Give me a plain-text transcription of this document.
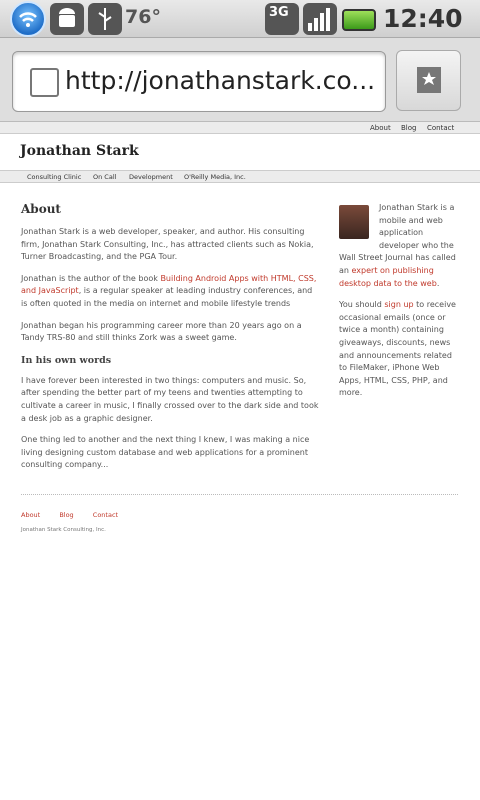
76°	3G	12:40
http://jonathanstark.co...
About Blog Contact
Jonathan Stark
Consulting Clinic On Call Development O'Reilly Media, Inc.
About

Jonathan Stark is a web developer, speaker, and author. His consulting firm, Jonathan Stark Consulting, Inc., has attracted clients such as Nokia, Turner Broadcasting, and the PGA Tour.

Jonathan is the author of the book Building Android Apps with HTML, CSS, and JavaScript, is a regular speaker at leading industry conferences, and is often quoted in the media on internet and mobile lifestyle trends

Jonathan began his programming career more than 20 years ago on a Tandy TRS-80 and still thinks Zork was a sweet game.

In his own words

I have forever been interested in two things: computers and music. So, after spending the better part of my teens and twenties attempting to cultivate a career in music, I finally crossed over to the dark side and took a desk job as a graphic designer.

One thing led to another and the next thing I knew, I was making a nice living designing custom database and web applications for a prominent consulting company...

Jonathan Stark is a mobile and web application developer who the Wall Street Journal has called an expert on publishing desktop data to the web.

You should sign up to receive occasional emails (once or twice a month) containing giveaways, discounts, news and announcements related to FileMaker, iPhone Web Apps, HTML, CSS, PHP, and more.

About	Blog	Contact
Jonathan Stark Consulting, Inc.
